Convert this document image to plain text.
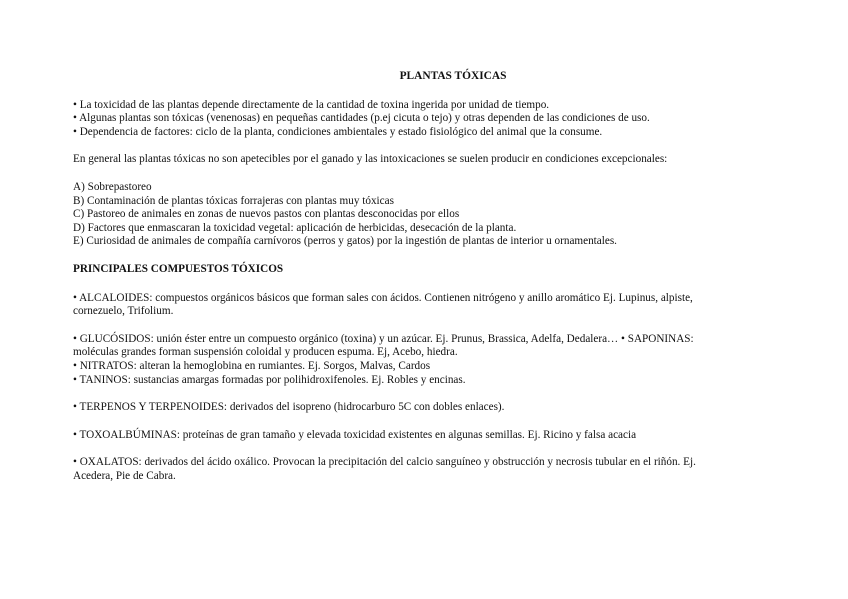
PLANTAS TÓXICAS
• La toxicidad de las plantas depende directamente de la cantidad de toxina ingerida por unidad de tiempo.
• Algunas plantas son tóxicas (venenosas) en pequeñas cantidades (p.ej cicuta o tejo) y otras dependen de las condiciones de uso.
• Dependencia de factores: ciclo de la planta, condiciones ambientales y estado fisiológico del animal que la consume.
En general las plantas tóxicas no son apetecibles por el ganado y las intoxicaciones se suelen producir en condiciones excepcionales:
A) Sobrepastoreo
B) Contaminación de plantas tóxicas forrajeras con plantas muy tóxicas
C) Pastoreo de animales en zonas de nuevos pastos con plantas desconocidas por ellos
D) Factores que enmascaran la toxicidad vegetal: aplicación de herbicidas, desecación de la planta.
E) Curiosidad de animales de compañía carnívoros (perros y gatos) por la ingestión de plantas de interior u ornamentales.
PRINCIPALES COMPUESTOS TÓXICOS
• ALCALOIDES: compuestos orgánicos básicos que forman sales con ácidos. Contienen nitrógeno y anillo aromático Ej. Lupinus, alpiste,
cornezuelo, Trifolium.
• GLUCÓSIDOS: unión éster entre un compuesto orgánico (toxina) y un azúcar. Ej. Prunus, Brassica, Adelfa, Dedalera… • SAPONINAS:
moléculas grandes forman suspensión coloidal y producen espuma. Ej, Acebo, hiedra.
• NITRATOS: alteran la hemoglobina en rumiantes. Ej. Sorgos, Malvas, Cardos
• TANINOS: sustancias amargas formadas por polihidroxifenoles. Ej. Robles y encinas.
• TERPENOS Y TERPENOIDES: derivados del isopreno (hidrocarburo 5C con dobles enlaces).
• TOXOALBÚMINAS: proteínas de gran tamaño y elevada toxicidad existentes en algunas semillas. Ej. Ricino y falsa acacia
• OXALATOS: derivados del ácido oxálico. Provocan la precipitación del calcio sanguíneo y obstrucción y necrosis tubular en el riñón. Ej.
Acedera, Pie de Cabra.
